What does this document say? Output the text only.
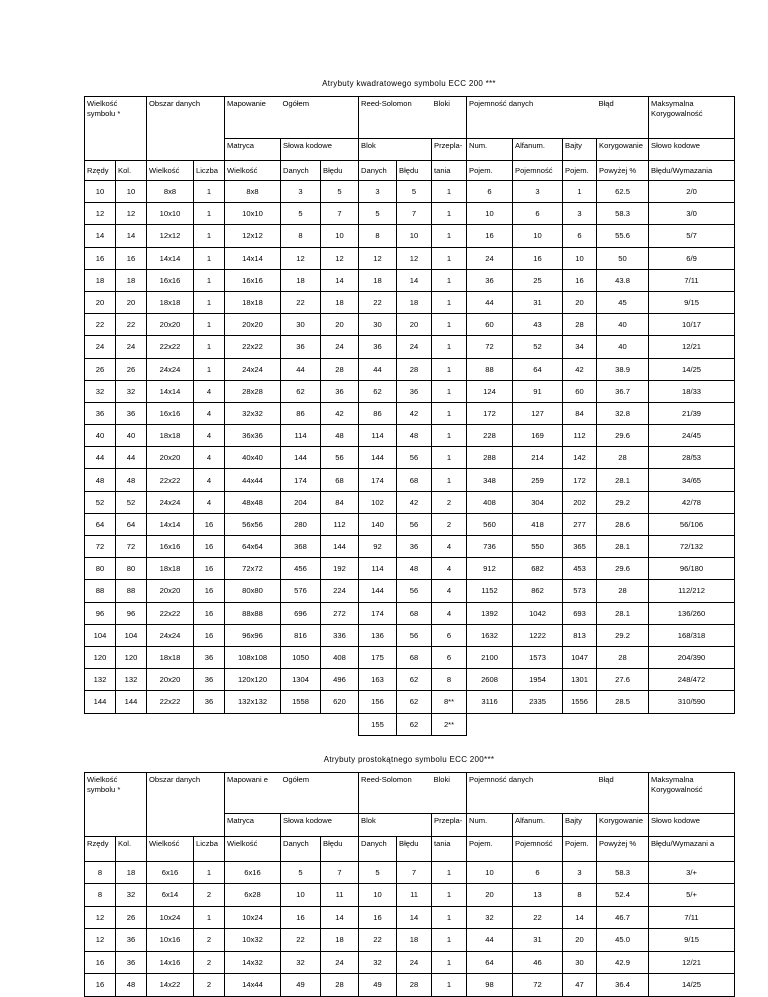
Atrybuty kwadratowego symbolu ECC 200 ***
Wielkość symbolu *		Obszar danych		Mapowanie	Ogółem		Reed-Solomon		Bloki	Pojemność danych			Błąd	Maksymalna Korygowalność
				Matryca	Słowa kodowe		Blok		Przepla-	Num.	Alfanum.	Bajty	Korygowanie	Słowo kodowe
Rzędy	Kol.	Wielkość	Liczba	Wielkość	Danych	Błędu	Danych	Błędu	tania	Pojem.	Pojemność	Pojem.	Powyżej %	Błędu/Wymazania
10	10	8x8	1	8x8	3	5	3	5	1	6	3	1	62.5	2/0
12	12	10x10	1	10x10	5	7	5	7	1	10	6	3	58.3	3/0
14	14	12x12	1	12x12	8	10	8	10	1	16	10	6	55.6	5/7
16	16	14x14	1	14x14	12	12	12	12	1	24	16	10	50	6/9
18	18	16x16	1	16x16	18	14	18	14	1	36	25	16	43.8	7/11
20	20	18x18	1	18x18	22	18	22	18	1	44	31	20	45	9/15
22	22	20x20	1	20x20	30	20	30	20	1	60	43	28	40	10/17
24	24	22x22	1	22x22	36	24	36	24	1	72	52	34	40	12/21
26	26	24x24	1	24x24	44	28	44	28	1	88	64	42	38.9	14/25
32	32	14x14	4	28x28	62	36	62	36	1	124	91	60	36.7	18/33
36	36	16x16	4	32x32	86	42	86	42	1	172	127	84	32.8	21/39
40	40	18x18	4	36x36	114	48	114	48	1	228	169	112	29.6	24/45
44	44	20x20	4	40x40	144	56	144	56	1	288	214	142	28	28/53
48	48	22x22	4	44x44	174	68	174	68	1	348	259	172	28.1	34/65
52	52	24x24	4	48x48	204	84	102	42	2	408	304	202	29.2	42/78
64	64	14x14	16	56x56	280	112	140	56	2	560	418	277	28.6	56/106
72	72	16x16	16	64x64	368	144	92	36	4	736	550	365	28.1	72/132
80	80	18x18	16	72x72	456	192	114	48	4	912	682	453	29.6	96/180
88	88	20x20	16	80x80	576	224	144	56	4	1152	862	573	28	112/212
96	96	22x22	16	88x88	696	272	174	68	4	1392	1042	693	28.1	136/260
104	104	24x24	16	96x96	816	336	136	56	6	1632	1222	813	29.2	168/318
120	120	18x18	36	108x108	1050	408	175	68	6	2100	1573	1047	28	204/390
132	132	20x20	36	120x120	1304	496	163	62	8	2608	1954	1301	27.6	248/472
144	144	22x22	36	132x132	1558	620	156	62	8**	3116	2335	1556	28.5	310/590
							155	62	2**					
Atrybuty prostokątnego symbolu ECC 200***
Wielkość symbolu *		Obszar danych		Mapowani e	Ogółem		Reed-Solomon		Bloki	Pojemność danych			Błąd	Maksymalna Korygowalność
				Matryca	Słowa kodowe		Blok		Przepla-	Num.	Alfanum.	Bajty	Korygowanie	Słowo kodowe
Rzędy	Kol.	Wielkość	Liczba	Wielkość	Danych	Błędu	Danych	Błędu	tania	Pojem.	Pojemność	Pojem.	Powyżej %	Błędu/Wymazani a
8	18	6x16	1	6x16	5	7	5	7	1	10	6	3	58.3	3/+
8	32	6x14	2	6x28	10	11	10	11	1	20	13	8	52.4	5/+
12	26	10x24	1	10x24	16	14	16	14	1	32	22	14	46.7	7/11
12	36	10x16	2	10x32	22	18	22	18	1	44	31	20	45.0	9/15
16	36	14x16	2	14x32	32	24	32	24	1	64	46	30	42.9	12/21
16	48	14x22	2	14x44	49	28	49	28	1	98	72	47	36.4	14/25
